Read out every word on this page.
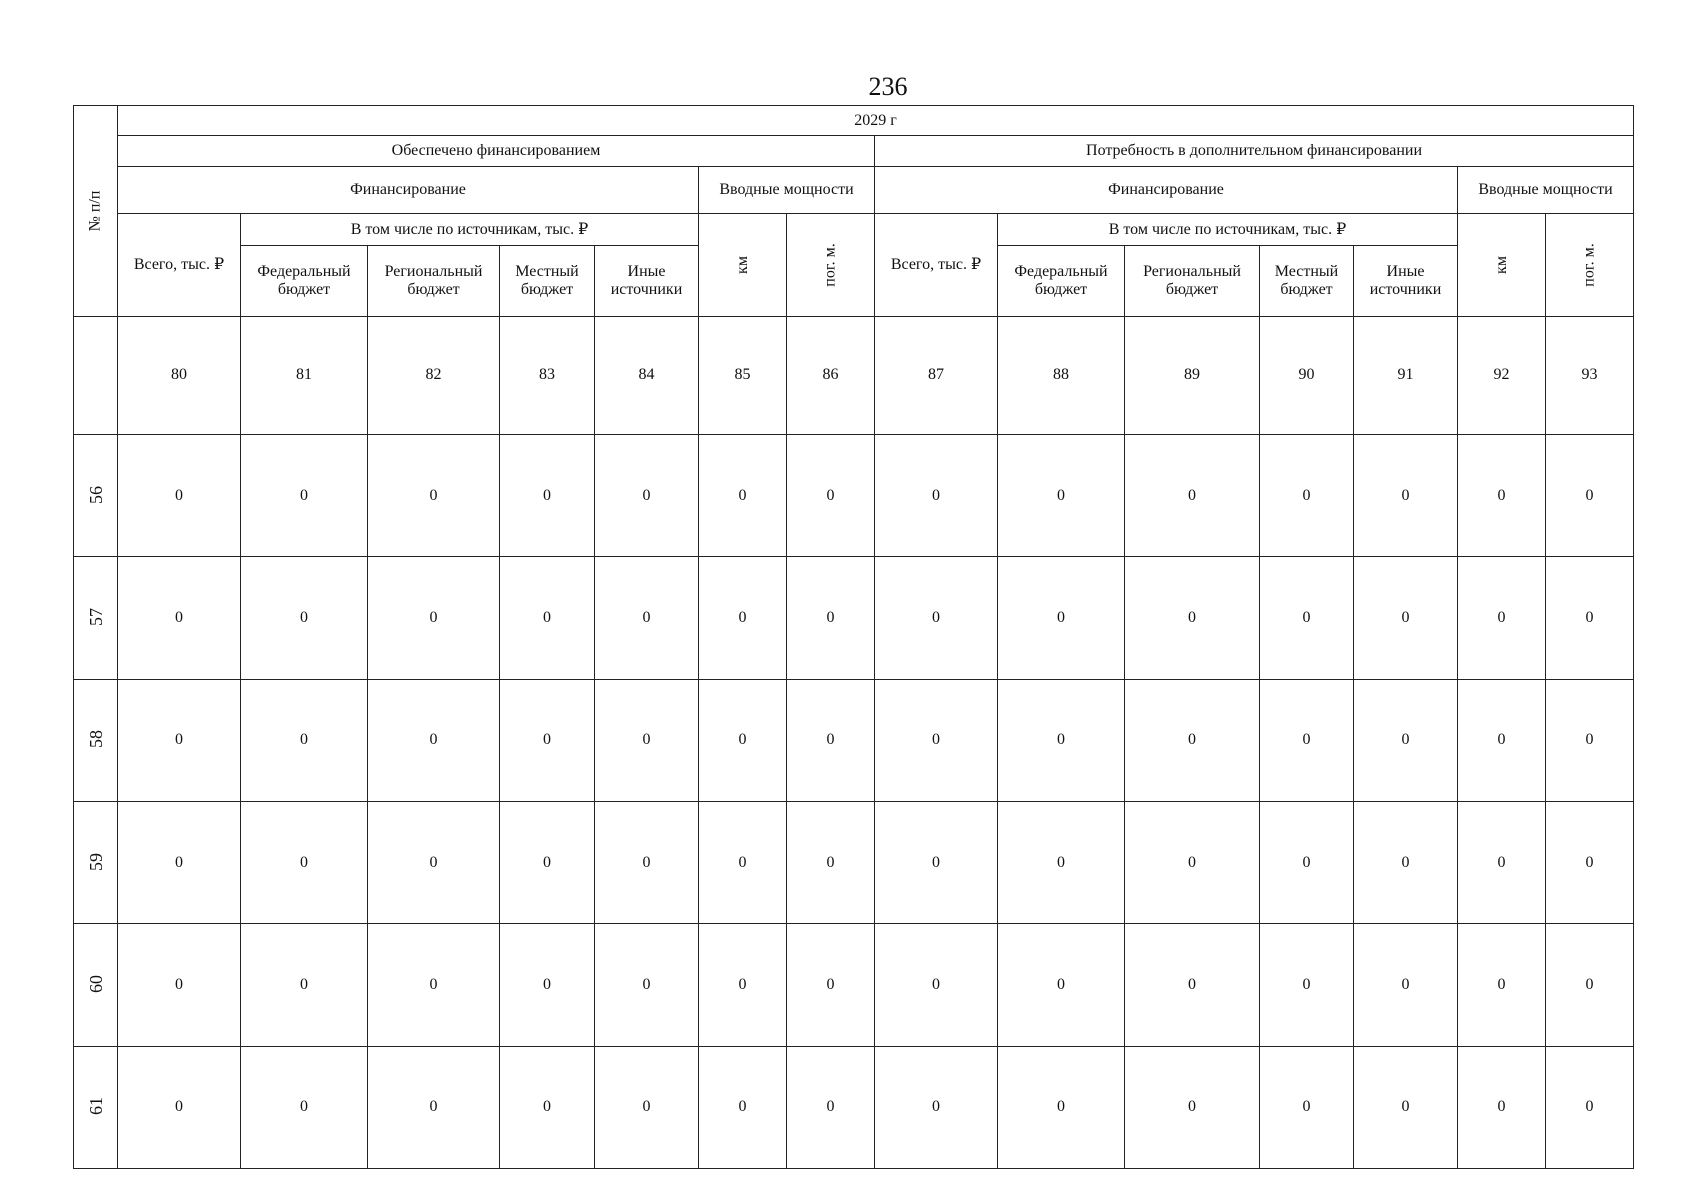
236
№ п/п	2029 г													
	Обеспечено финансированием							Потребность в дополнительном финансировании						
	Финансирование					Вводные мощности		Финансирование					Вводные мощности	
	Всего, тыс. ₽	В том числе по источникам, тыс. ₽				км	пог. м.	Всего, тыс. ₽	В том числе по источникам, тыс. ₽				км	пог. м.
		Федеральный бюджет	Региональный бюджет	Местный бюджет	Иные источники				Федеральный бюджет	Региональный бюджет	Местный бюджет	Иные источники		
	80	81	82	83	84	85	86	87	88	89	90	91	92	93
56	0	0	0	0	0	0	0	0	0	0	0	0	0	0
57	0	0	0	0	0	0	0	0	0	0	0	0	0	0
58	0	0	0	0	0	0	0	0	0	0	0	0	0	0
59	0	0	0	0	0	0	0	0	0	0	0	0	0	0
60	0	0	0	0	0	0	0	0	0	0	0	0	0	0
61	0	0	0	0	0	0	0	0	0	0	0	0	0	0
